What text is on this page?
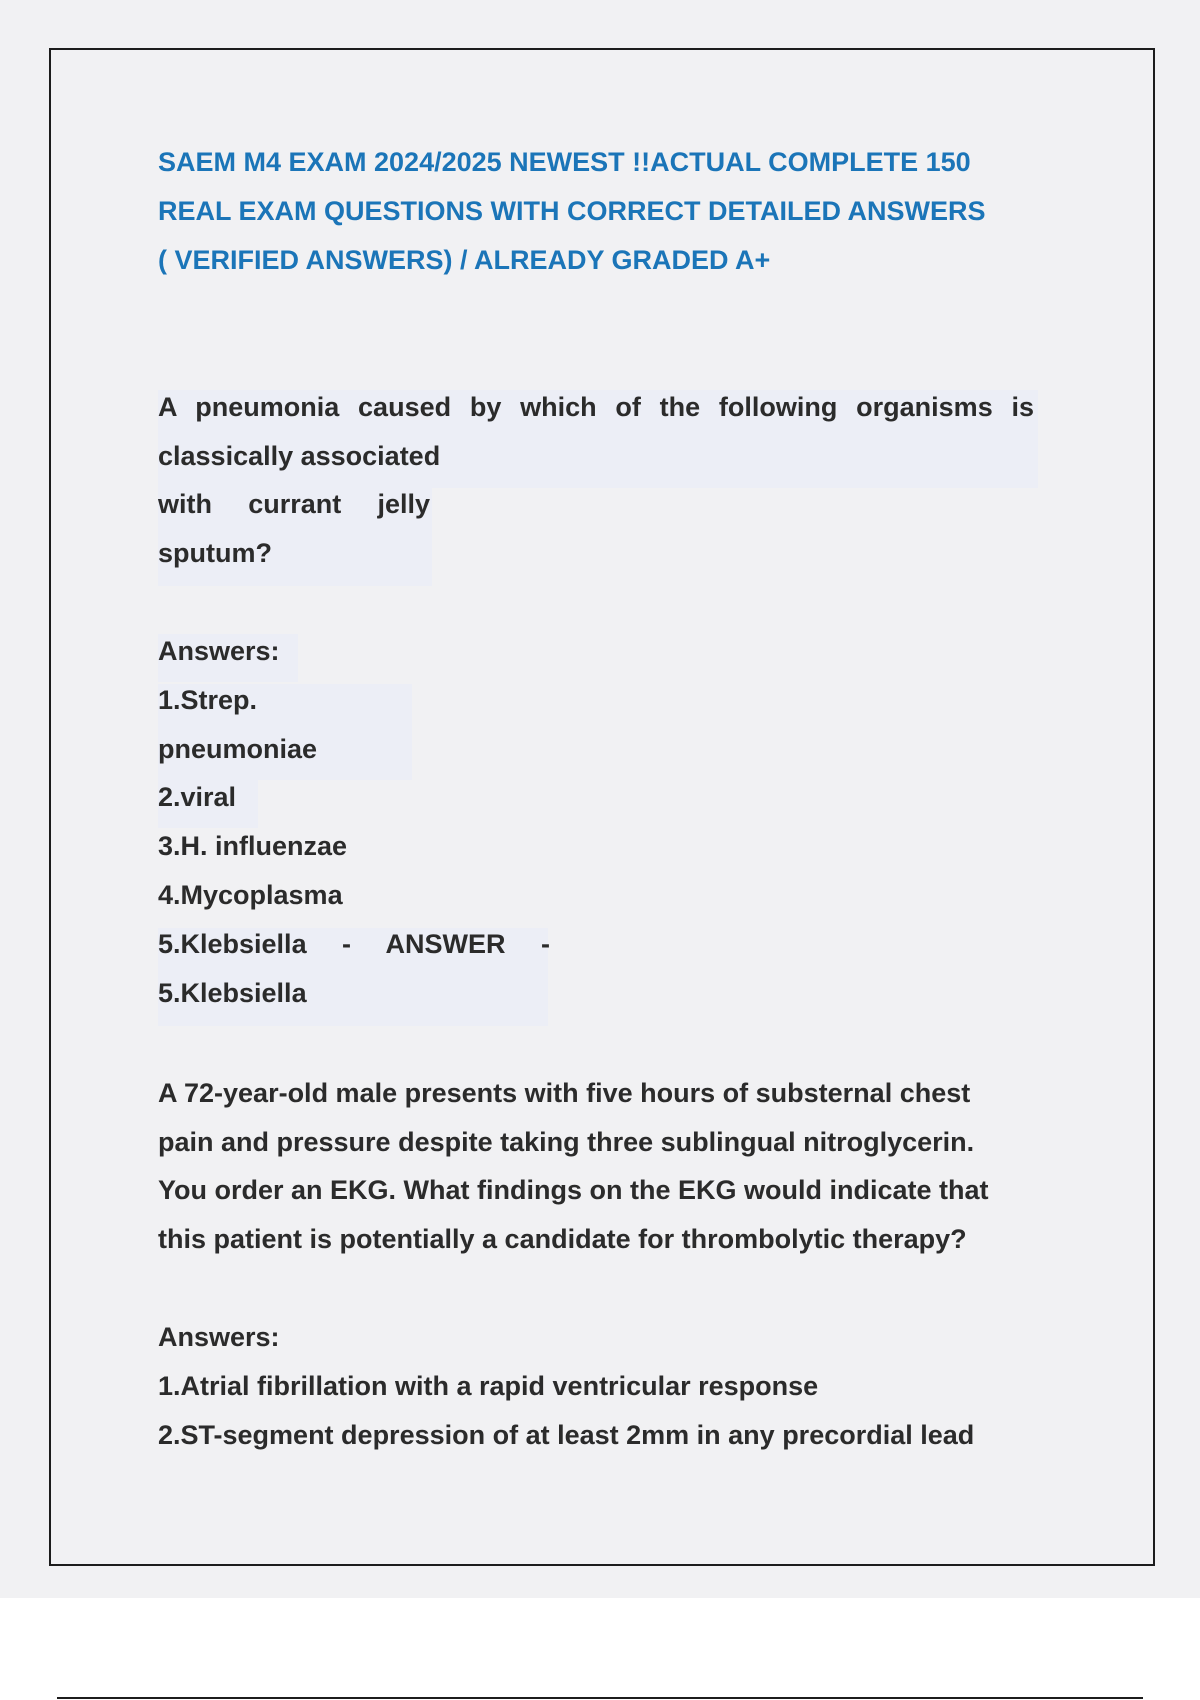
SAEM M4 EXAM 2024/2025 NEWEST !!ACTUAL COMPLETE 150
REAL EXAM QUESTIONS WITH CORRECT DETAILED ANSWERS
( VERIFIED ANSWERS) / ALREADY GRADED A+
A pneumonia caused by which of the following organisms is
classically associated
with currant jelly
sputum?
Answers:
1.Strep.
pneumoniae
2.viral
3.H. influenzae
4.Mycoplasma
5.Klebsiella - ANSWER -
5.Klebsiella
A 72-year-old male presents with five hours of substernal chest
pain and pressure despite taking three sublingual nitroglycerin.
You order an EKG. What findings on the EKG would indicate that
this patient is potentially a candidate for thrombolytic therapy?
Answers:
1.Atrial fibrillation with a rapid ventricular response
2.ST-segment depression of at least 2mm in any precordial lead
